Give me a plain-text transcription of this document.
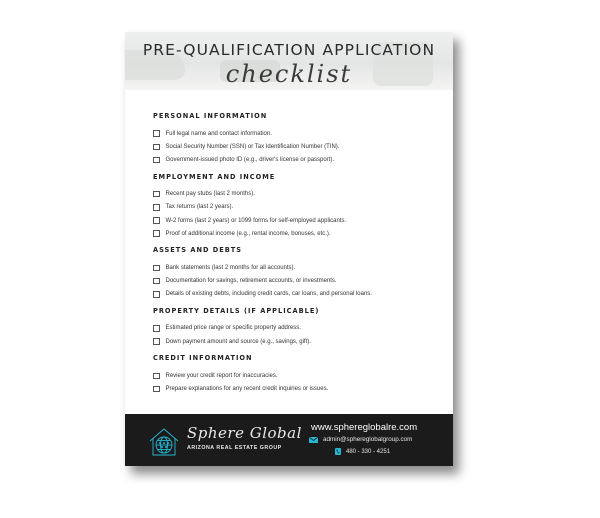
PRE-QUALIFICATION APPLICATION
checklist
PERSONAL INFORMATION
Full legal name and contact information.
Social Security Number (SSN) or Tax Identification Number (TIN).
Government-issued photo ID (e.g., driver's license or passport).
EMPLOYMENT AND INCOME
Recent pay stubs (last 2 months).
Tax returns (last 2 years).
W-2 forms (last 2 years) or 1099 forms for self-employed applicants.
Proof of additional income (e.g., rental income, bonuses, etc.).
ASSETS AND DEBTS
Bank statements (last 2 months for all accounts).
Documentation for savings, retirement accounts, or investments.
Details of existing debts, including credit cards, car loans, and personal loans.
PROPERTY DETAILS (IF APPLICABLE)
Estimated price range or specific property address.
Down payment amount and source (e.g., savings, gift).
CREDIT INFORMATION
Review your credit report for inaccuracies.
Prepare explanations for any recent credit inquiries or issues.
Sphere Global
ARIZONA REAL ESTATE GROUP
www.sphereglobalre.com
admin@sphereglobalgroup.com
480 - 330 - 4251
